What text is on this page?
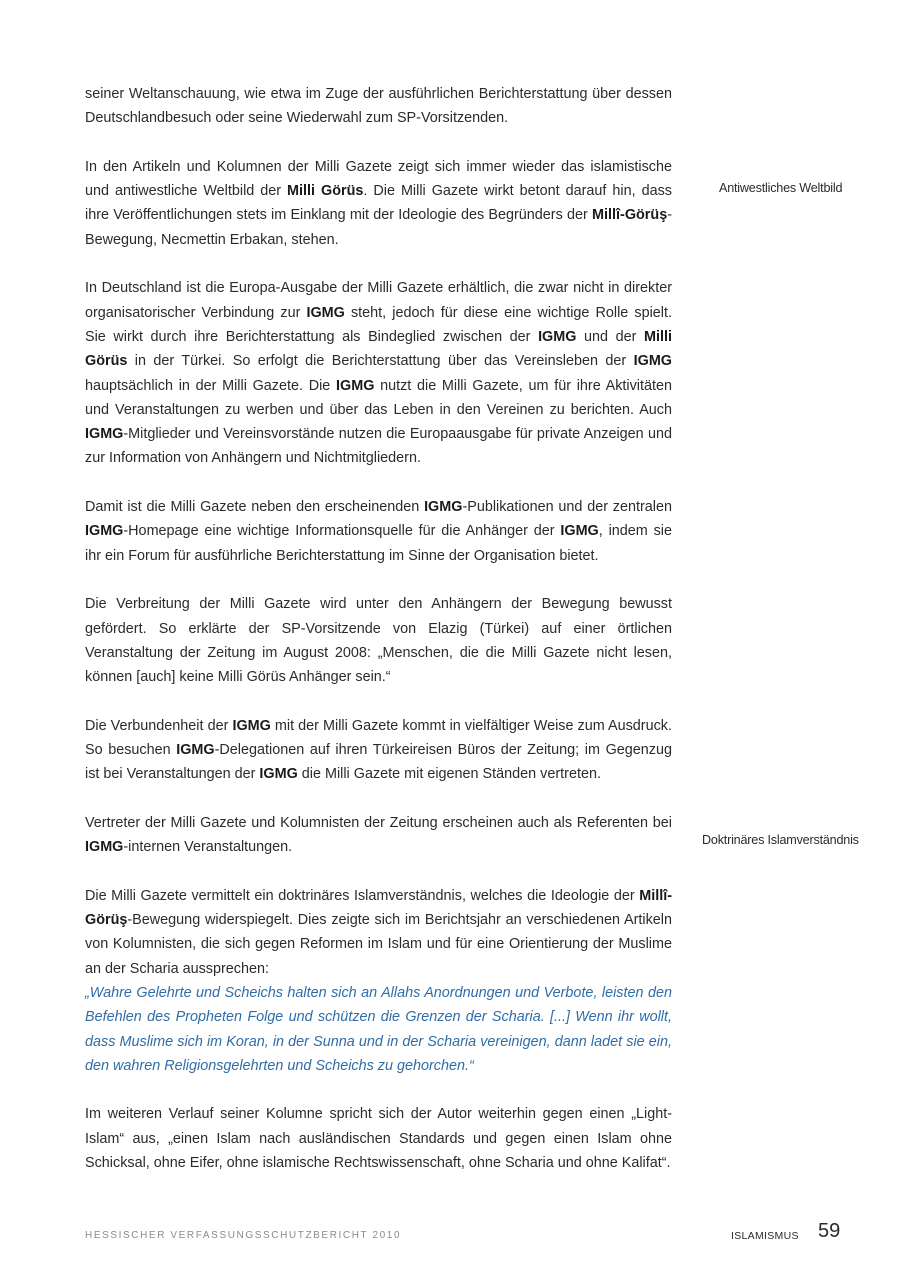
seiner Weltanschauung, wie etwa im Zuge der ausführlichen Berichterstattung über dessen Deutschlandbesuch oder seine Wiederwahl zum SP-Vorsitzenden.

In den Artikeln und Kolumnen der Milli Gazete zeigt sich immer wieder das islamistische und antiwestliche Weltbild der Milli Görüs. Die Milli Gazete wirkt betont darauf hin, dass ihre Veröffentlichungen stets im Einklang mit der Ideologie des Begründers der Millî-Görüş-Bewegung, Necmettin Erbakan, stehen.

In Deutschland ist die Europa-Ausgabe der Milli Gazete erhältlich, die zwar nicht in direkter organisatorischer Verbindung zur IGMG steht, jedoch für diese eine wichtige Rolle spielt. Sie wirkt durch ihre Berichterstattung als Bindeglied zwischen der IGMG und der Milli Görüs in der Türkei. So erfolgt die Berichterstattung über das Vereinsleben der IGMG hauptsächlich in der Milli Gazete. Die IGMG nutzt die Milli Gazete, um für ihre Aktivitäten und Veranstaltungen zu werben und über das Leben in den Vereinen zu berichten. Auch IGMG-Mitglieder und Vereinsvorstände nutzen die Europaausgabe für private Anzeigen und zur Information von Anhängern und Nichtmitgliedern.

Damit ist die Milli Gazete neben den erscheinenden IGMG-Publikationen und der zentralen IGMG-Homepage eine wichtige Informationsquelle für die Anhänger der IGMG, indem sie ihr ein Forum für ausführliche Berichterstattung im Sinne der Organisation bietet.

Die Verbreitung der Milli Gazete wird unter den Anhängern der Bewegung bewusst gefördert. So erklärte der SP-Vorsitzende von Elazig (Türkei) auf einer örtlichen Veranstaltung der Zeitung im August 2008: „Menschen, die die Milli Gazete nicht lesen, können [auch] keine Milli Görüs Anhänger sein.“

Die Verbundenheit der IGMG mit der Milli Gazete kommt in vielfältiger Weise zum Ausdruck. So besuchen IGMG-Delegationen auf ihren Türkeireisen Büros der Zeitung; im Gegenzug ist bei Veranstaltungen der IGMG die Milli Gazete mit eigenen Ständen vertreten.

Vertreter der Milli Gazete und Kolumnisten der Zeitung erscheinen auch als Referenten bei IGMG-internen Veranstaltungen.

Die Milli Gazete vermittelt ein doktrinäres Islamverständnis, welches die Ideologie der Millî-Görüş-Bewegung widerspiegelt. Dies zeigte sich im Berichtsjahr an verschiedenen Artikeln von Kolumnisten, die sich gegen Reformen im Islam und für eine Orientierung der Muslime an der Scharia aussprechen:

„Wahre Gelehrte und Scheichs halten sich an Allahs Anordnungen und Verbote, leisten den Befehlen des Propheten Folge und schützen die Grenzen der Scharia. [...] Wenn ihr wollt, dass Muslime sich im Koran, in der Sunna und in der Scharia vereinigen, dann ladet sie ein, den wahren Religionsgelehrten und Scheichs zu gehorchen.“

Im weiteren Verlauf seiner Kolumne spricht sich der Autor weiterhin gegen einen „Light-Islam“ aus, „einen Islam nach ausländischen Standards und gegen einen Islam ohne Schicksal, ohne Eifer, ohne islamische Rechtswissenschaft, ohne Scharia und ohne Kalifat“.

Antiwestliches Weltbild
Doktrinäres Islamverständnis
HESSISCHER VERFASSUNGSSCHUTZBERICHT 2010	ISLAMISMUS 59
